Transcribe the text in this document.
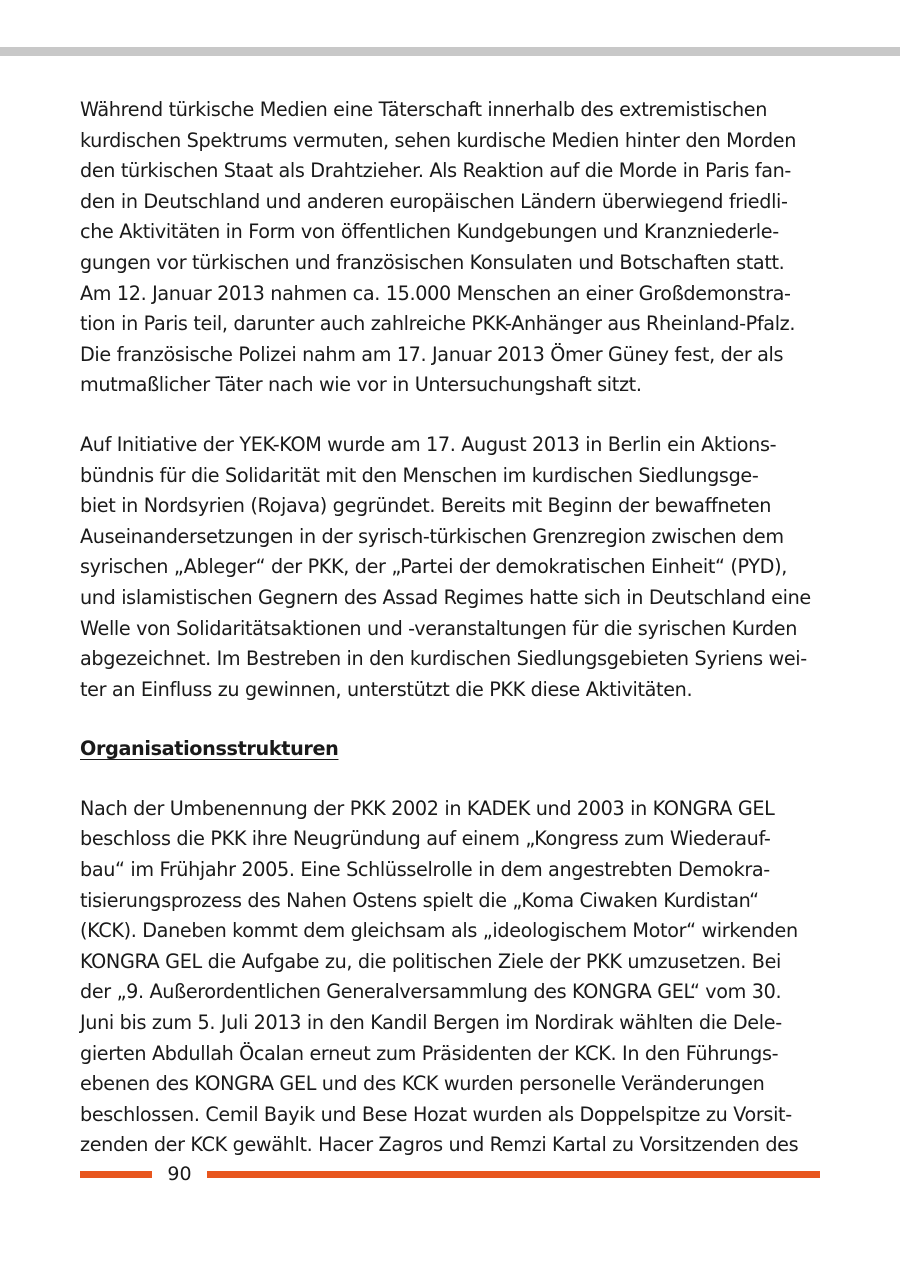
Während türkische Medien eine Täterschaft innerhalb des extremistischen
kurdischen Spektrums vermuten, sehen kurdische Medien hinter den Morden
den türkischen Staat als Drahtzieher. Als Reaktion auf die Morde in Paris fan-
den in Deutschland und anderen europäischen Ländern überwiegend friedli-
che Aktivitäten in Form von öffentlichen Kundgebungen und Kranzniederle-
gungen vor türkischen und französischen Konsulaten und Botschaften statt.
Am 12. Januar 2013 nahmen ca. 15.000 Menschen an einer Großdemonstra-
tion in Paris teil, darunter auch zahlreiche PKK-Anhänger aus Rheinland-Pfalz.
Die französische Polizei nahm am 17. Januar 2013 Ömer Güney fest, der als
mutmaßlicher Täter nach wie vor in Untersuchungshaft sitzt.

Auf Initiative der YEK-KOM wurde am 17. August 2013 in Berlin ein Aktions-
bündnis für die Solidarität mit den Menschen im kurdischen Siedlungsge-
biet in Nordsyrien (Rojava) gegründet. Bereits mit Beginn der bewaffneten
Auseinandersetzungen in der syrisch-türkischen Grenzregion zwischen dem
syrischen „Ableger“ der PKK, der „Partei der demokratischen Einheit“ (PYD),
und islamistischen Gegnern des Assad Regimes hatte sich in Deutschland eine
Welle von Solidaritätsaktionen und -veranstaltungen für die syrischen Kurden
abgezeichnet. Im Bestreben in den kurdischen Siedlungsgebieten Syriens wei-
ter an Einfluss zu gewinnen, unterstützt die PKK diese Aktivitäten.

Organisationsstrukturen

Nach der Umbenennung der PKK 2002 in KADEK und 2003 in KONGRA GEL
beschloss die PKK ihre Neugründung auf einem „Kongress zum Wiederauf-
bau“ im Frühjahr 2005. Eine Schlüsselrolle in dem angestrebten Demokra-
tisierungsprozess des Nahen Ostens spielt die „Koma Ciwaken Kurdistan“
(KCK). Daneben kommt dem gleichsam als „ideologischem Motor“ wirkenden
KONGRA GEL die Aufgabe zu, die politischen Ziele der PKK umzusetzen. Bei
der „9. Außerordentlichen Generalversammlung des KONGRA GEL“ vom 30.
Juni bis zum 5. Juli 2013 in den Kandil Bergen im Nordirak wählten die Dele-
gierten Abdullah Öcalan erneut zum Präsidenten der KCK. In den Führungs-
ebenen des KONGRA GEL und des KCK wurden personelle Veränderungen
beschlossen. Cemil Bayik und Bese Hozat wurden als Doppelspitze zu Vorsit-
zenden der KCK gewählt. Hacer Zagros und Remzi Kartal zu Vorsitzenden des

90
